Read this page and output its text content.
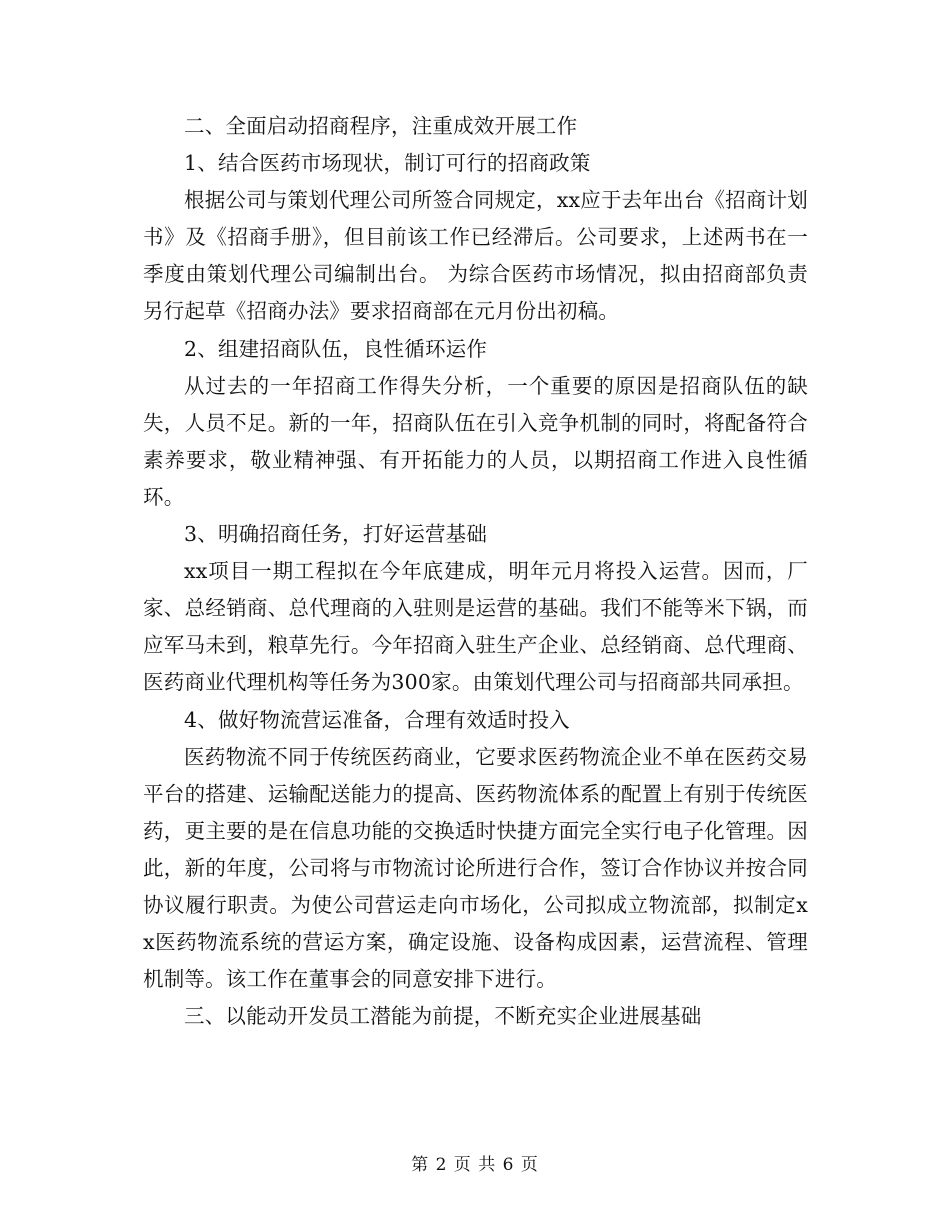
二、全面启动招商程序，注重成效开展工作

1、结合医药市场现状，制订可行的招商政策

根据公司与策划代理公司所签合同规定，xx应于去年出台《招商计划书》及《招商手册》，但目前该工作已经滞后。公司要求，上述两书在一季度由策划代理公司编制出台。 为综合医药市场情况，拟由招商部负责另行起草《招商办法》要求招商部在元月份出初稿。

2、组建招商队伍，良性循环运作

从过去的一年招商工作得失分析，一个重要的原因是招商队伍的缺失，人员不足。新的一年，招商队伍在引入竞争机制的同时，将配备符合素养要求，敬业精神强、有开拓能力的人员，以期招商工作进入良性循环。

3、明确招商任务，打好运营基础

xx项目一期工程拟在今年底建成，明年元月将投入运营。因而，厂家、总经销商、总代理商的入驻则是运营的基础。我们不能等米下锅，而应军马未到，粮草先行。今年招商入驻生产企业、总经销商、总代理商、医药商业代理机构等任务为300家。由策划代理公司与招商部共同承担。

4、做好物流营运准备，合理有效适时投入

医药物流不同于传统医药商业，它要求医药物流企业不单在医药交易平台的搭建、运输配送能力的提高、医药物流体系的配置上有别于传统医药，更主要的是在信息功能的交换适时快捷方面完全实行电子化管理。因此，新的年度，公司将与市物流讨论所进行合作，签订合作协议并按合同协议履行职责。为使公司营运走向市场化，公司拟成立物流部，拟制定xx医药物流系统的营运方案，确定设施、设备构成因素，运营流程、管理机制等。该工作在董事会的同意安排下进行。

三、以能动开发员工潜能为前提，不断充实企业进展基础

第 2 页 共 6 页
